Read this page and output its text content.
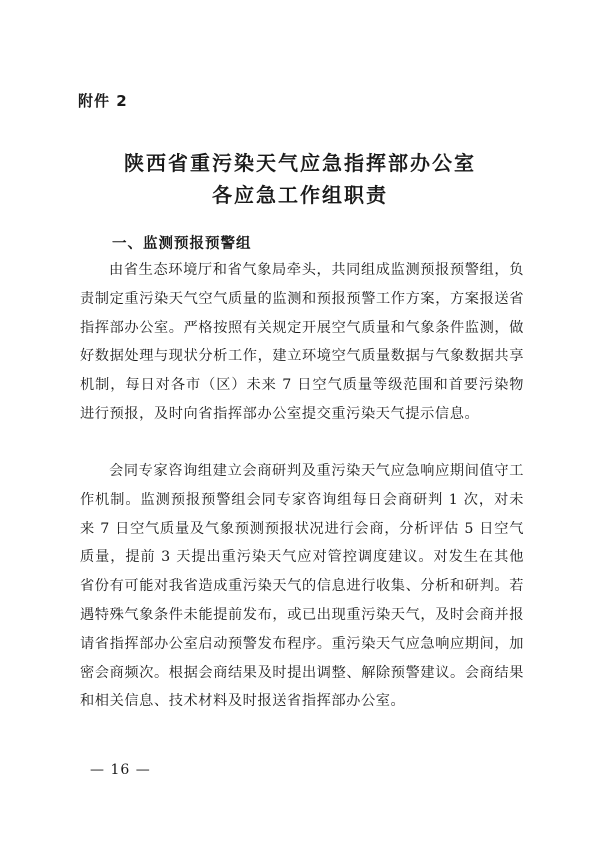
附件 2
陕西省重污染天气应急指挥部办公室
各应急工作组职责
一、监测预报预警组

由省生态环境厅和省气象局牵头，共同组成监测预报预警组，负责制定重污染天气空气质量的监测和预报预警工作方案，方案报送省指挥部办公室。严格按照有关规定开展空气质量和气象条件监测，做好数据处理与现状分析工作，建立环境空气质量数据与气象数据共享机制，每日对各市（区）未来 7 日空气质量等级范围和首要污染物进行预报，及时向省指挥部办公室提交重污染天气提示信息。

会同专家咨询组建立会商研判及重污染天气应急响应期间值守工作机制。监测预报预警组会同专家咨询组每日会商研判 1 次，对未来 7 日空气质量及气象预测预报状况进行会商，分析评估 5 日空气质量，提前 3 天提出重污染天气应对管控调度建议。对发生在其他省份有可能对我省造成重污染天气的信息进行收集、分析和研判。若遇特殊气象条件未能提前发布，或已出现重污染天气，及时会商并报请省指挥部办公室启动预警发布程序。重污染天气应急响应期间，加密会商频次。根据会商结果及时提出调整、解除预警建议。会商结果和相关信息、技术材料及时报送省指挥部办公室。

— 16 —
